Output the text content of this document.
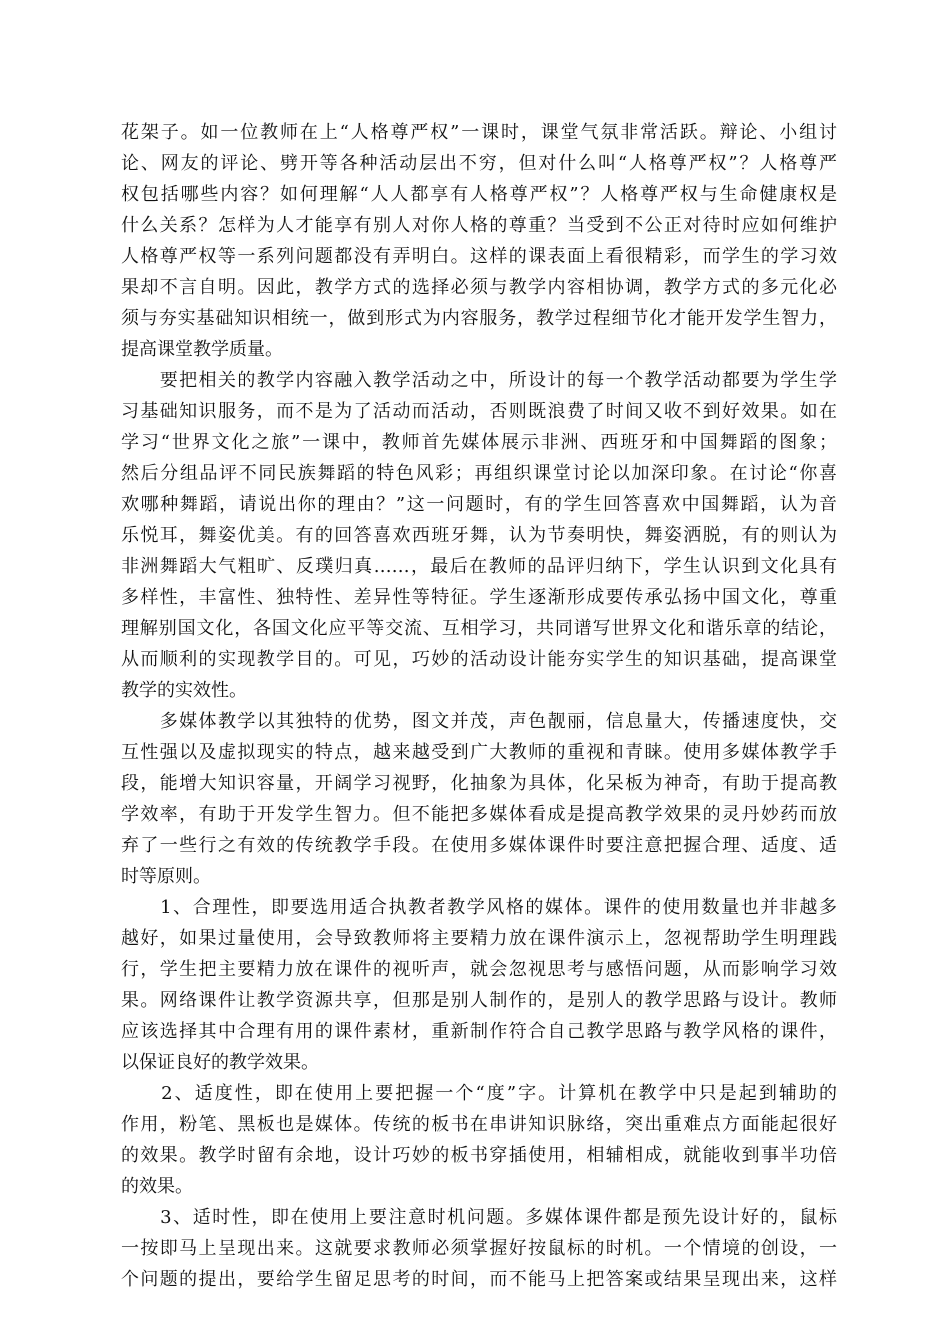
花架子。如一位教师在上“人格尊严权”一课时，课堂气氛非常活跃。辩论、小组讨
论、网友的评论、劈开等各种活动层出不穷，但对什么叫“人格尊严权”？人格尊严
权包括哪些内容？如何理解“人人都享有人格尊严权”？人格尊严权与生命健康权是
什么关系？怎样为人才能享有别人对你人格的尊重？当受到不公正对待时应如何维护
人格尊严权等一系列问题都没有弄明白。这样的课表面上看很精彩，而学生的学习效
果却不言自明。因此，教学方式的选择必须与教学内容相协调，教学方式的多元化必
须与夯实基础知识相统一，做到形式为内容服务，教学过程细节化才能开发学生智力，
提高课堂教学质量。
　　要把相关的教学内容融入教学活动之中，所设计的每一个教学活动都要为学生学
习基础知识服务，而不是为了活动而活动，否则既浪费了时间又收不到好效果。如在
学习“世界文化之旅”一课中，教师首先媒体展示非洲、西班牙和中国舞蹈的图象；
然后分组品评不同民族舞蹈的特色风彩；再组织课堂讨论以加深印象。在讨论“你喜
欢哪种舞蹈，请说出你的理由？”这一问题时，有的学生回答喜欢中国舞蹈，认为音
乐悦耳，舞姿优美。有的回答喜欢西班牙舞，认为节奏明快，舞姿洒脱，有的则认为
非洲舞蹈大气粗旷、反璞归真……，最后在教师的品评归纳下，学生认识到文化具有
多样性，丰富性、独特性、差异性等特征。学生逐渐形成要传承弘扬中国文化，尊重
理解别国文化，各国文化应平等交流、互相学习，共同谱写世界文化和谐乐章的结论，
从而顺利的实现教学目的。可见，巧妙的活动设计能夯实学生的知识基础，提高课堂
教学的实效性。
　　多媒体教学以其独特的优势，图文并茂，声色靓丽，信息量大，传播速度快，交
互性强以及虚拟现实的特点，越来越受到广大教师的重视和青睐。使用多媒体教学手
段，能增大知识容量，开阔学习视野，化抽象为具体，化呆板为神奇，有助于提高教
学效率，有助于开发学生智力。但不能把多媒体看成是提高教学效果的灵丹妙药而放
弃了一些行之有效的传统教学手段。在使用多媒体课件时要注意把握合理、适度、适
时等原则。
　　1、合理性，即要选用适合执教者教学风格的媒体。课件的使用数量也并非越多
越好，如果过量使用，会导致教师将主要精力放在课件演示上，忽视帮助学生明理践
行，学生把主要精力放在课件的视听声，就会忽视思考与感悟问题，从而影响学习效
果。网络课件让教学资源共享，但那是别人制作的，是别人的教学思路与设计。教师
应该选择其中合理有用的课件素材，重新制作符合自己教学思路与教学风格的课件，
以保证良好的教学效果。
　　2、适度性，即在使用上要把握一个“度”字。计算机在教学中只是起到辅助的
作用，粉笔、黑板也是媒体。传统的板书在串讲知识脉络，突出重难点方面能起很好
的效果。教学时留有余地，设计巧妙的板书穿插使用，相辅相成，就能收到事半功倍
的效果。
　　3、适时性，即在使用上要注意时机问题。多媒体课件都是预先设计好的，鼠标
一按即马上呈现出来。这就要求教师必须掌握好按鼠标的时机。一个情境的创设，一
个问题的提出，要给学生留足思考的时间，而不能马上把答案或结果呈现出来，这样
